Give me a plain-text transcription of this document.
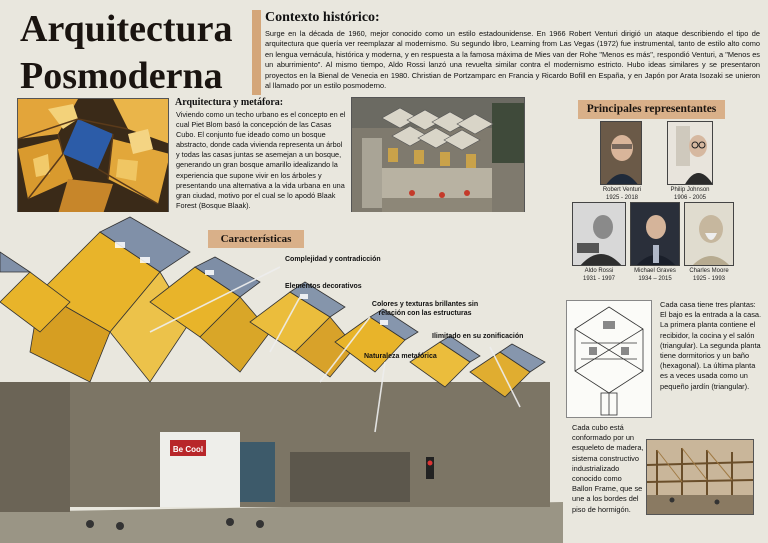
Arquitectura
Posmoderna
Contexto histórico:
Surge en la década de 1960, mejor conocido como un estilo estadounidense. En 1966 Robert Venturi dirigió un ataque describiendo el tipo de arquitectura que quería ver reemplazar al modernismo. Su segundo libro, Learning from Las Vegas (1972) fue instrumental, tanto de estilo alto como en lengua vernácula, histórica y moderna, y en respuesta a la famosa máxima de Mies van der Rohe "Menos es más", respondió Venturi, a "Menos es un aburrimiento". Al mismo tiempo, Aldo Rossi lanzó una revuelta similar contra el modernismo estricto. Hubo ideas similares y se presentaron proyectos en la Bienal de Venecia en 1980. Christian de Portzamparc en Francia y Ricardo Bofill en España, y en Japón por Arata Isozaki se unieron al llamado por un estilo posmoderno.
Arquitectura y metáfora:
Viviendo como un techo urbano es el concepto en el cual Piet Blom basó la concepción de las Casas Cubo. El conjunto fue ideado como un bosque abstracto, donde cada vivienda representa un árbol y todas las casas juntas se asemejan a un bosque, generando un gran bosque amarillo idealizando la experiencia que supone vivir en los árboles y presentando una alternativa a la vida urbana en una gran ciudad, motivo por el cual se lo apodó Blaak Forest (Bosque Blaak).
Principales representantes
Robert Venturi
1925 - 2018
Philip Johnson
1906 - 2005
Aldo Rossi
1931 - 1997
Michael Graves
1934 – 2015
Charles Moore
1925 - 1993
Be Cool
Características
Complejidad y contradicción
Elementos decorativos
Colores y texturas brillantes sin relación con las estructuras
Ilimitado en su zonificación
Naturaleza metafórica
Cada casa tiene tres plantas: El bajo es la entrada a la casa. La primera planta contiene el recibidor, la cocina y el salón (triangular). La segunda planta tiene dormitorios y un baño (hexagonal). La última planta es a veces usada como un pequeño jardín (triangular).
Cada cubo está conformado por un esqueleto de madera, sistema constructivo industrializado conocido como Ballon Frame, que se une a los bordes del piso de hormigón.
